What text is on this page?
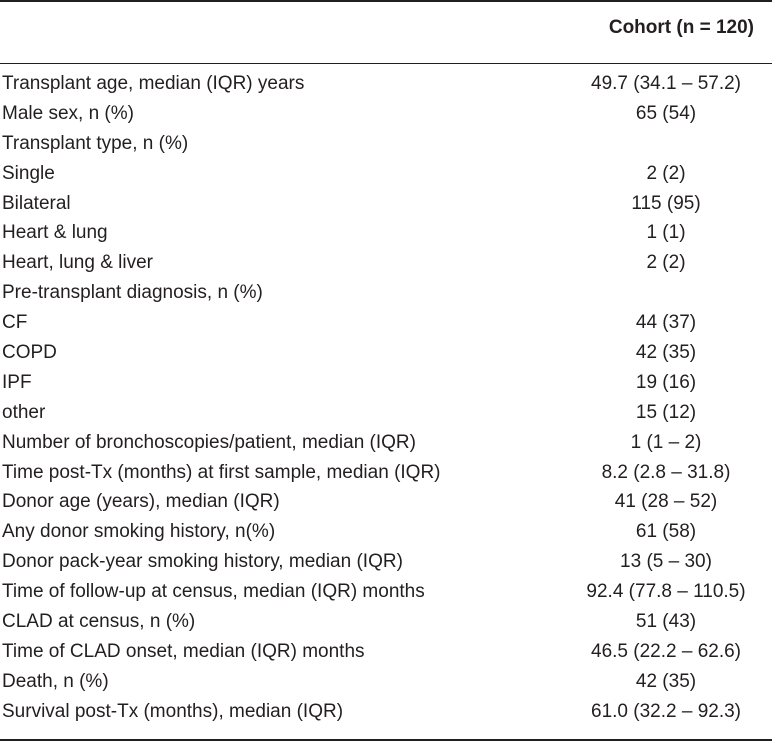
Cohort (n = 120)
Transplant age, median (IQR) years	49.7 (34.1 – 57.2)
Male sex, n (%)	65 (54)
Transplant type, n (%)
Single	2 (2)
Bilateral	115 (95)
Heart & lung	1 (1)
Heart, lung & liver	2 (2)
Pre-transplant diagnosis, n (%)
CF	44 (37)
COPD	42 (35)
IPF	19 (16)
other	15 (12)
Number of bronchoscopies/patient, median (IQR)	1 (1 – 2)
Time post-Tx (months) at first sample, median (IQR)	8.2 (2.8 – 31.8)
Donor age (years), median (IQR)	41 (28 – 52)
Any donor smoking history, n(%)	61 (58)
Donor pack-year smoking history, median (IQR)	13 (5 – 30)
Time of follow-up at census, median (IQR) months	92.4 (77.8 – 110.5)
CLAD at census, n (%)	51 (43)
Time of CLAD onset, median (IQR) months	46.5 (22.2 – 62.6)
Death, n (%)	42 (35)
Survival post-Tx (months), median (IQR)	61.0 (32.2 – 92.3)
